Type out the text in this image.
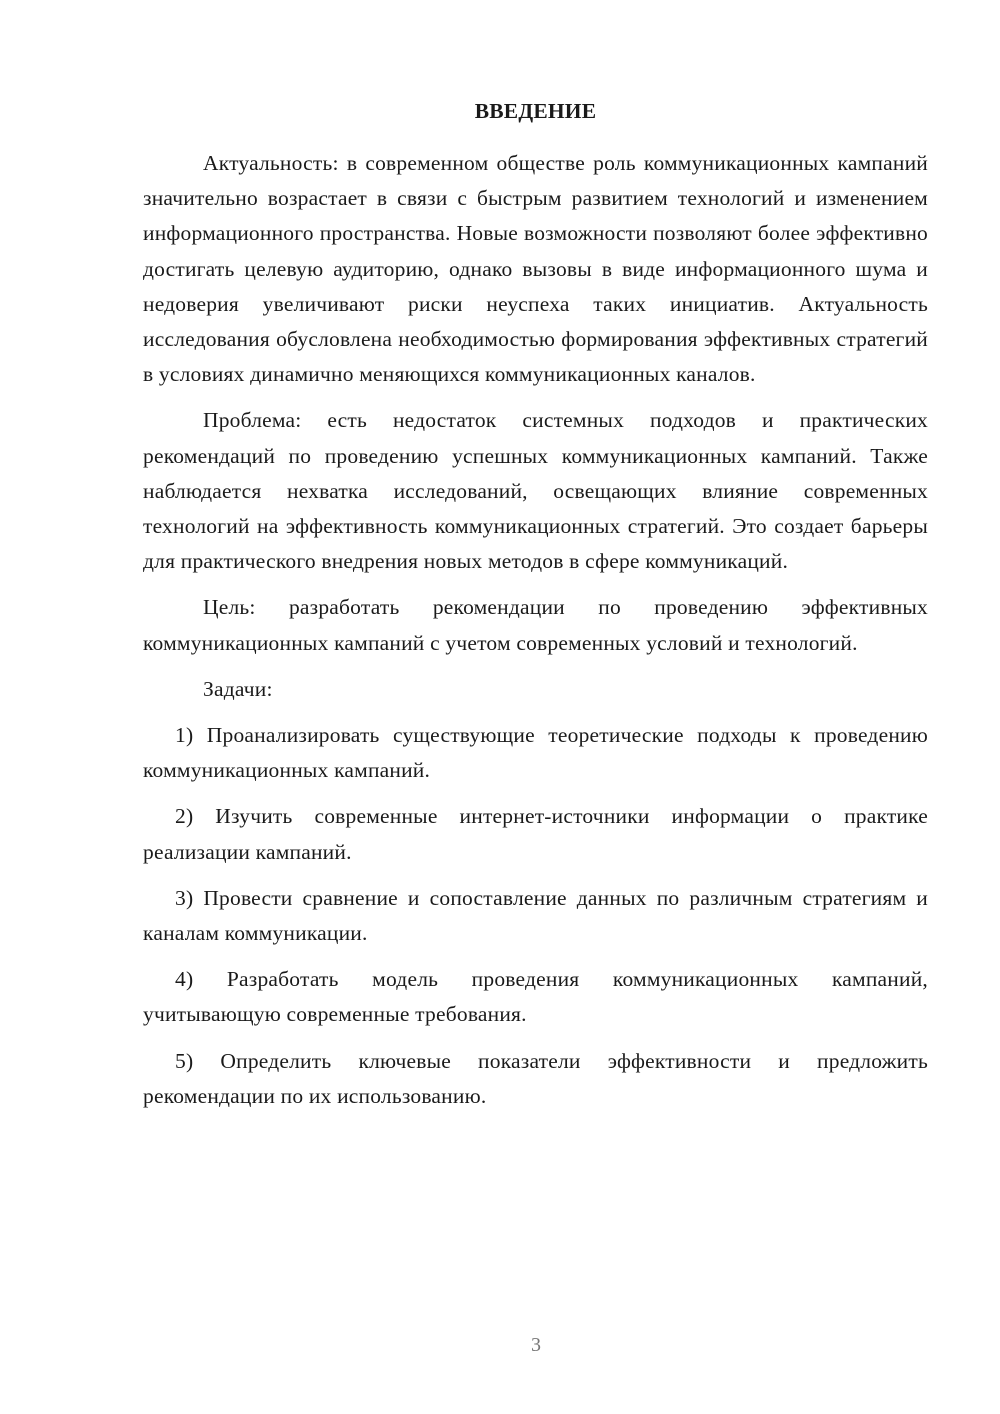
ВВЕДЕНИЕ

Актуальность: в современном обществе роль коммуникационных кампаний значительно возрастает в связи с быстрым развитием технологий и изменением информационного пространства. Новые возможности позволяют более эффективно достигать целевую аудиторию, однако вызовы в виде информационного шума и недоверия увеличивают риски неуспеха таких инициатив. Актуальность исследования обусловлена необходимостью формирования эффективных стратегий в условиях динамично меняющихся коммуникационных каналов.

Проблема: есть недостаток системных подходов и практических рекомендаций по проведению успешных коммуникационных кампаний. Также наблюдается нехватка исследований, освещающих влияние современных технологий на эффективность коммуникационных стратегий. Это создает барьеры для практического внедрения новых методов в сфере коммуникаций.

Цель: разработать рекомендации по проведению эффективных коммуникационных кампаний с учетом современных условий и технологий.

Задачи:

1) Проанализировать существующие теоретические подходы к проведению коммуникационных кампаний.

2) Изучить современные интернет-источники информации о практике реализации кампаний.

3) Провести сравнение и сопоставление данных по различным стратегиям и каналам коммуникации.

4) Разработать модель проведения коммуникационных кампаний, учитывающую современные требования.

5) Определить ключевые показатели эффективности и предложить рекомендации по их использованию.

3
